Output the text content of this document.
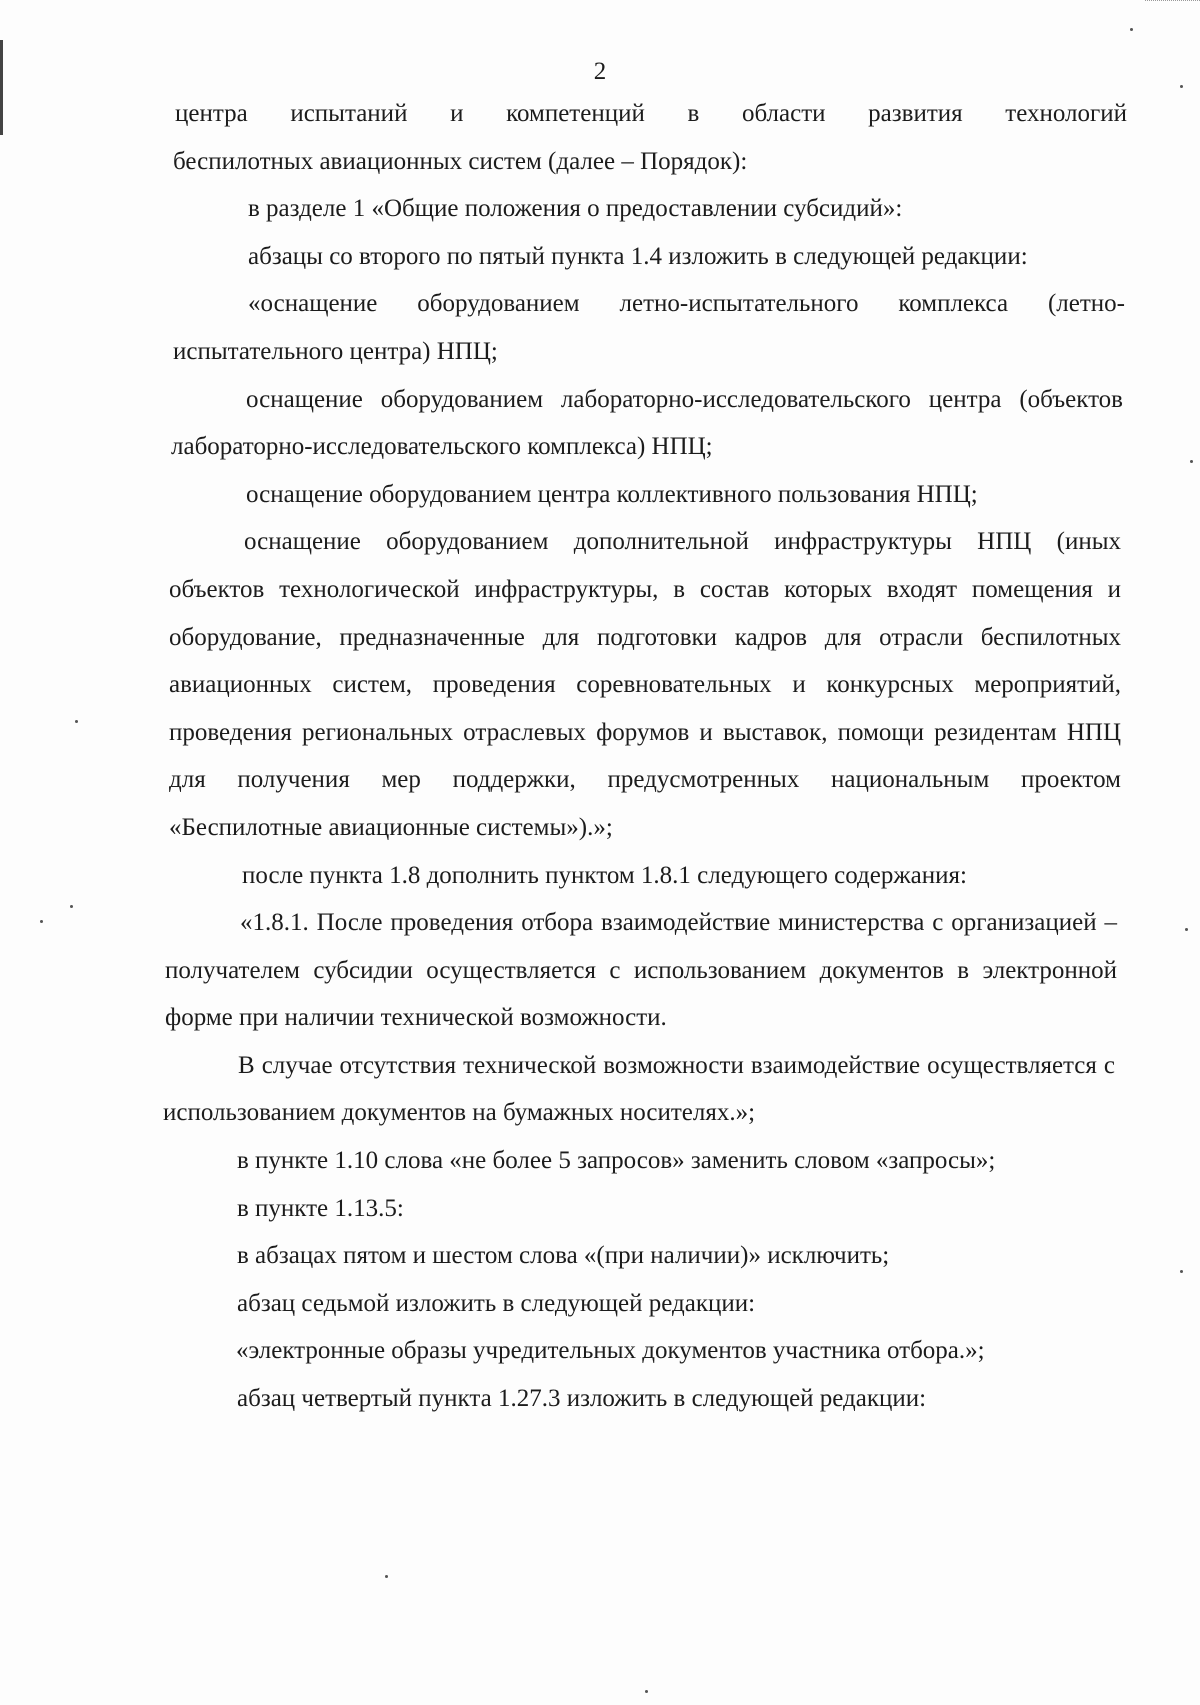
2

центра испытаний и компетенций в области развития технологий

беспилотных авиационных систем (далее – Порядок):

в разделе 1 «Общие положения о предоставлении субсидий»:

абзацы со второго по пятый пункта 1.4 изложить в следующей редакции:

«оснащение оборудованием летно-испытательного комплекса (летно-испытательного центра) НПЦ;

оснащение оборудованием лабораторно-исследовательского центра (объектов лабораторно-исследовательского комплекса) НПЦ;

оснащение оборудованием центра коллективного пользования НПЦ;

оснащение оборудованием дополнительной инфраструктуры НПЦ (иных объектов технологической инфраструктуры, в состав которых входят помещения и оборудование, предназначенные для подготовки кадров для отрасли беспилотных авиационных систем, проведения соревновательных и конкурсных мероприятий, проведения региональных отраслевых форумов и выставок, помощи резидентам НПЦ для получения мер поддержки, предусмотренных национальным проектом «Беспилотные авиационные системы»).»;

после пункта 1.8 дополнить пунктом 1.8.1 следующего содержания:

«1.8.1. После проведения отбора взаимодействие министерства с организацией – получателем субсидии осуществляется с использованием документов в электронной форме при наличии технической возможности.

В случае отсутствия технической возможности взаимодействие осуществляется с использованием документов на бумажных носителях.»;

в пункте 1.10 слова «не более 5 запросов» заменить словом «запросы»;

в пункте 1.13.5:

в абзацах пятом и шестом слова «(при наличии)» исключить;

абзац седьмой изложить в следующей редакции:

«электронные образы учредительных документов участника отбора.»;

абзац четвертый пункта 1.27.3 изложить в следующей редакции:
